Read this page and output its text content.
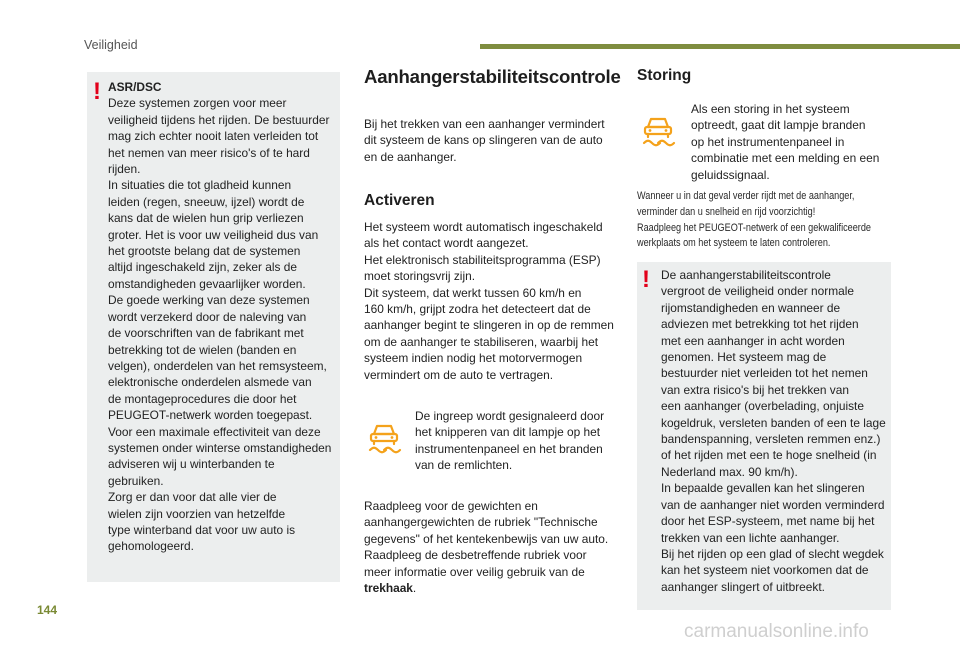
Veiligheid
! ASR/DSC

Deze systemen zorgen voor meer

veiligheid tijdens het rijden. De bestuurder

mag zich echter nooit laten verleiden tot

het nemen van meer risico's of te hard

rijden.

In situaties die tot gladheid kunnen

leiden (regen, sneeuw, ijzel) wordt de

kans dat de wielen hun grip verliezen

groter. Het is voor uw veiligheid dus van

het grootste belang dat de systemen

altijd ingeschakeld zijn, zeker als de

omstandigheden gevaarlijker worden.

De goede werking van deze systemen

wordt verzekerd door de naleving van

de voorschriften van de fabrikant met

betrekking tot de wielen (banden en

velgen), onderdelen van het remsysteem,

elektronische onderdelen alsmede van

de montageprocedures die door het

PEUGEOT-netwerk worden toegepast.

Voor een maximale effectiviteit van deze

systemen onder winterse omstandigheden

adviseren wij u winterbanden te

gebruiken.

Zorg er dan voor dat alle vier de

wielen zijn voorzien van hetzelfde

type winterband dat voor uw auto is

gehomologeerd.

Aanhangerstabiliteitscontrole

Bij het trekken van een aanhanger vermindert

dit systeem de kans op slingeren van de auto

en de aanhanger.

Activeren

Het systeem wordt automatisch ingeschakeld

als het contact wordt aangezet.

Het elektronisch stabiliteitsprogramma (ESP)

moet storingsvrij zijn.

Dit systeem, dat werkt tussen 60 km/h en

160 km/h, grijpt zodra het detecteert dat de

aanhanger begint te slingeren in op de remmen

om de aanhanger te stabiliseren, waarbij het

systeem indien nodig het motorvermogen

vermindert om de auto te vertragen.

De ingreep wordt gesignaleerd door

het knipperen van dit lampje op het

instrumentenpaneel en het branden

van de remlichten.

Raadpleeg voor de gewichten en

aanhangergewichten de rubriek "Technische

gegevens" of het kentekenbewijs van uw auto.

Raadpleeg de desbetreffende rubriek voor

meer informatie over veilig gebruik van de

trekhaak.

Storing

Als een storing in het systeem

optreedt, gaat dit lampje branden

op het instrumentenpaneel in

combinatie met een melding en een

geluidssignaal.

Wanneer u in dat geval verder rijdt met de aanhanger,

verminder dan u snelheid en rijd voorzichtig!

Raadpleeg het PEUGEOT-netwerk of een gekwalificeerde

werkplaats om het systeem te laten controleren.

! De aanhangerstabiliteitscontrole

vergroot de veiligheid onder normale

rijomstandigheden en wanneer de

adviezen met betrekking tot het rijden

met een aanhanger in acht worden

genomen. Het systeem mag de

bestuurder niet verleiden tot het nemen

van extra risico's bij het trekken van

een aanhanger (overbelading, onjuiste

kogeldruk, versleten banden of een te lage

bandenspanning, versleten remmen enz.)

of het rijden met een te hoge snelheid (in

Nederland max. 90 km/h).

In bepaalde gevallen kan het slingeren

van de aanhanger niet worden verminderd

door het ESP-systeem, met name bij het

trekken van een lichte aanhanger.

Bij het rijden op een glad of slecht wegdek

kan het systeem niet voorkomen dat de

aanhanger slingert of uitbreekt.

144
carmanualsonline.info
